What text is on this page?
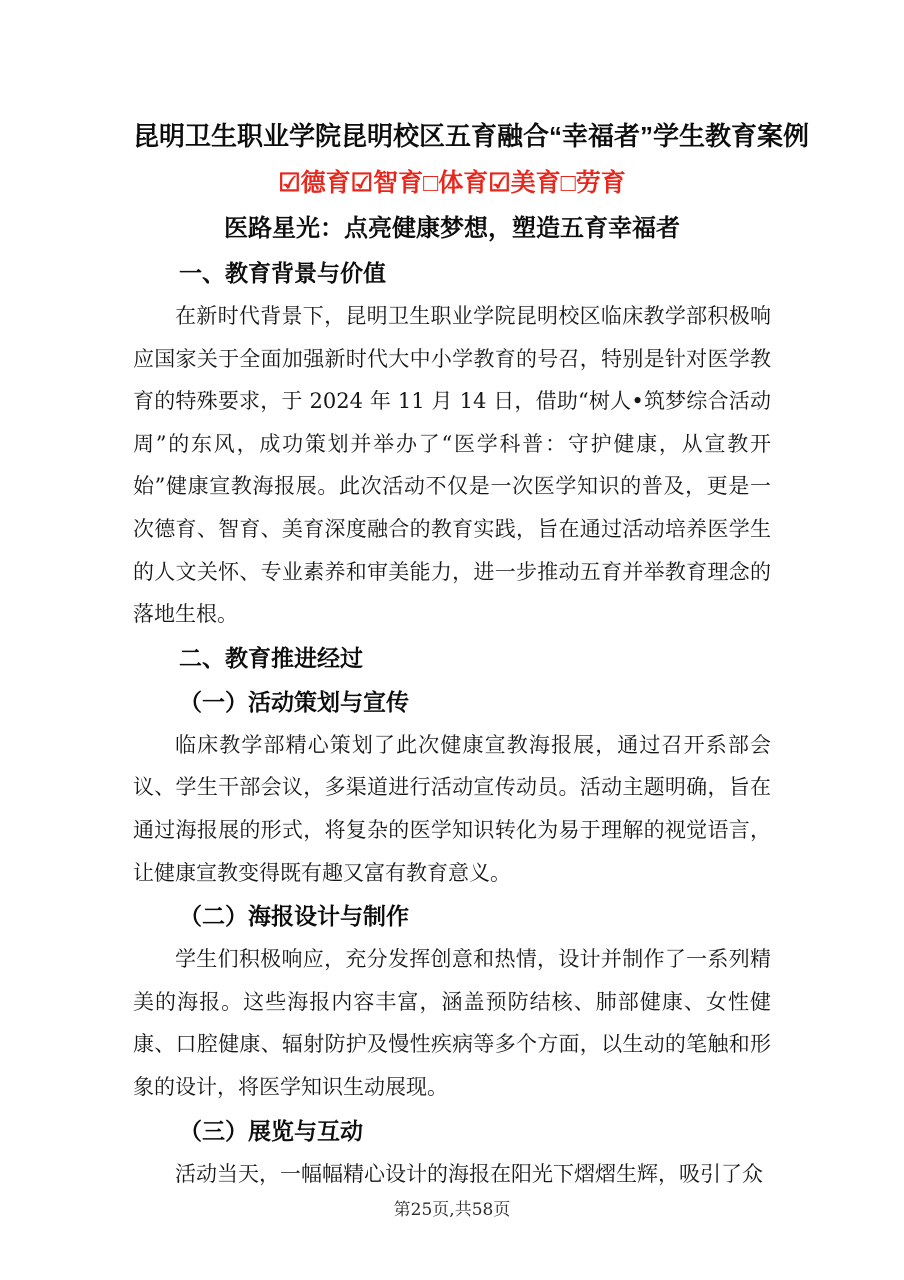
昆明卫生职业学院昆明校区五育融合“幸福者”学生教育案例
☑德育☑智育□体育☑美育□劳育
医路星光：点亮健康梦想，塑造五育幸福者
一、教育背景与价值

在新时代背景下，昆明卫生职业学院昆明校区临床教学部积极响应国家关于全面加强新时代大中小学教育的号召，特别是针对医学教育的特殊要求，于 2024 年 11 月 14 日，借助“树人•筑梦综合活动周”的东风，成功策划并举办了“医学科普：守护健康，从宣教开始”健康宣教海报展。此次活动不仅是一次医学知识的普及，更是一次德育、智育、美育深度融合的教育实践，旨在通过活动培养医学生的人文关怀、专业素养和审美能力，进一步推动五育并举教育理念的落地生根。

二、教育推进经过
（一）活动策划与宣传

临床教学部精心策划了此次健康宣教海报展，通过召开系部会议、学生干部会议，多渠道进行活动宣传动员。活动主题明确，旨在通过海报展的形式，将复杂的医学知识转化为易于理解的视觉语言，让健康宣教变得既有趣又富有教育意义。

（二）海报设计与制作

学生们积极响应，充分发挥创意和热情，设计并制作了一系列精美的海报。这些海报内容丰富，涵盖预防结核、肺部健康、女性健康、口腔健康、辐射防护及慢性疾病等多个方面，以生动的笔触和形象的设计，将医学知识生动展现。

（三）展览与互动

活动当天，一幅幅精心设计的海报在阳光下熠熠生辉，吸引了众

第25页,共58页
